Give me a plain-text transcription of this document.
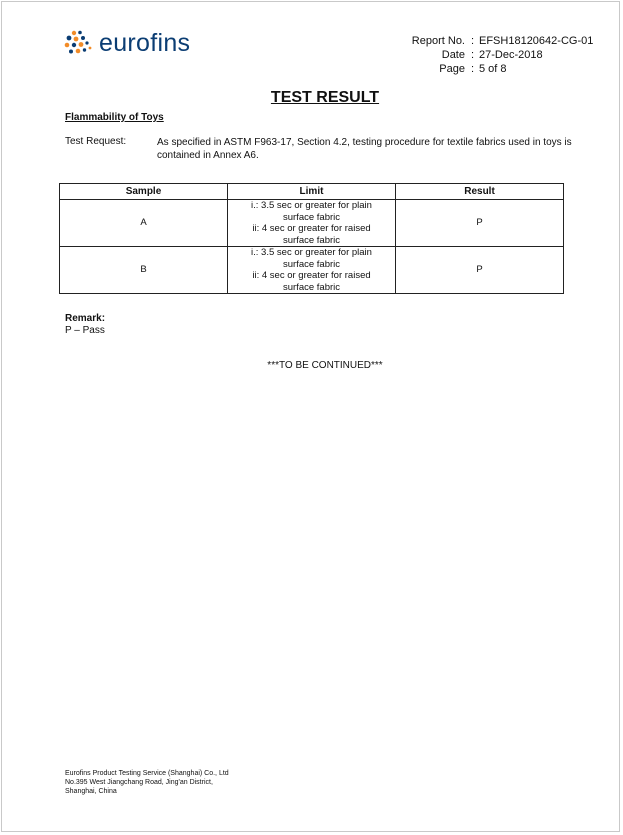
eurofins	Report No. : EFSH18120642-CG-01
Date : 27-Dec-2018
Page : 5 of 8
TEST RESULT
Flammability of Toys
Test Request:	As specified in ASTM F963-17, Section 4.2, testing procedure for textile fabrics used in toys is contained in Annex A6.
Sample	Limit	Result
A	i.: 3.5 sec or greater for plain
surface fabric
ii: 4 sec or greater for raised
surface fabric	P
B	i.: 3.5 sec or greater for plain
surface fabric
ii: 4 sec or greater for raised
surface fabric	P
Remark:
P – Pass
***TO BE CONTINUED***
Eurofins Product Testing Service (Shanghai) Co., Ltd
No.395 West Jiangchang Road, Jing'an District,
Shanghai, China
